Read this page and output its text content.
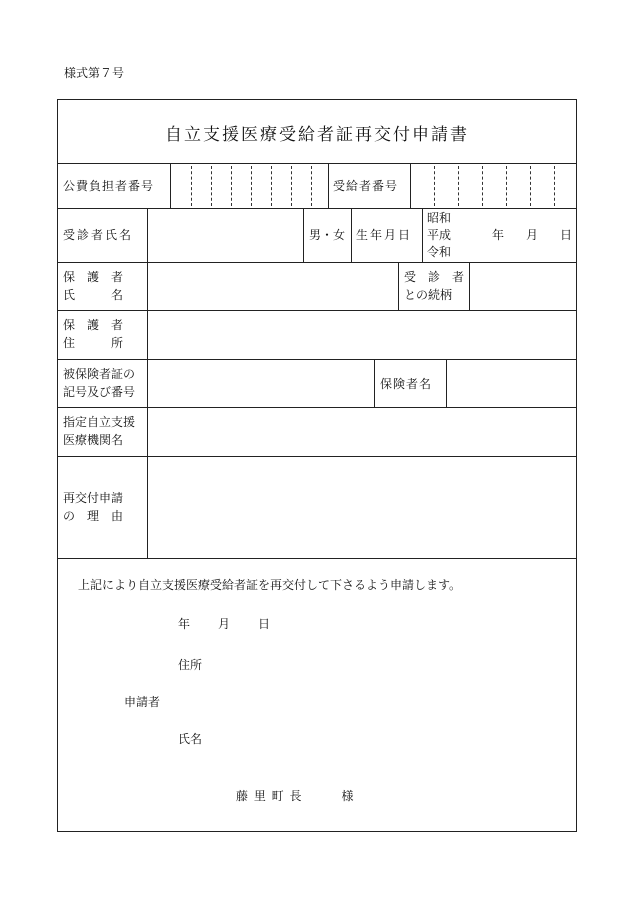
様式第７号
自立支援医療受給者証再交付申請書
公費負担者番号	受給者番号
受診者氏名	男・女 生年月日
昭和
平成
令和
年 月 日
保　護　者
氏　　　名
受　診　者
との続柄
保　護　者
住　　　所
被保険者証の
記号及び番号
保険者名
指定自立支援
医療機関名
再交付申請
の　理　由
上記により自立支援医療受給者証を再交付して下さるよう申請します。
年 月 日
住所
申請者
氏名
藤 里 町 長　　　様
